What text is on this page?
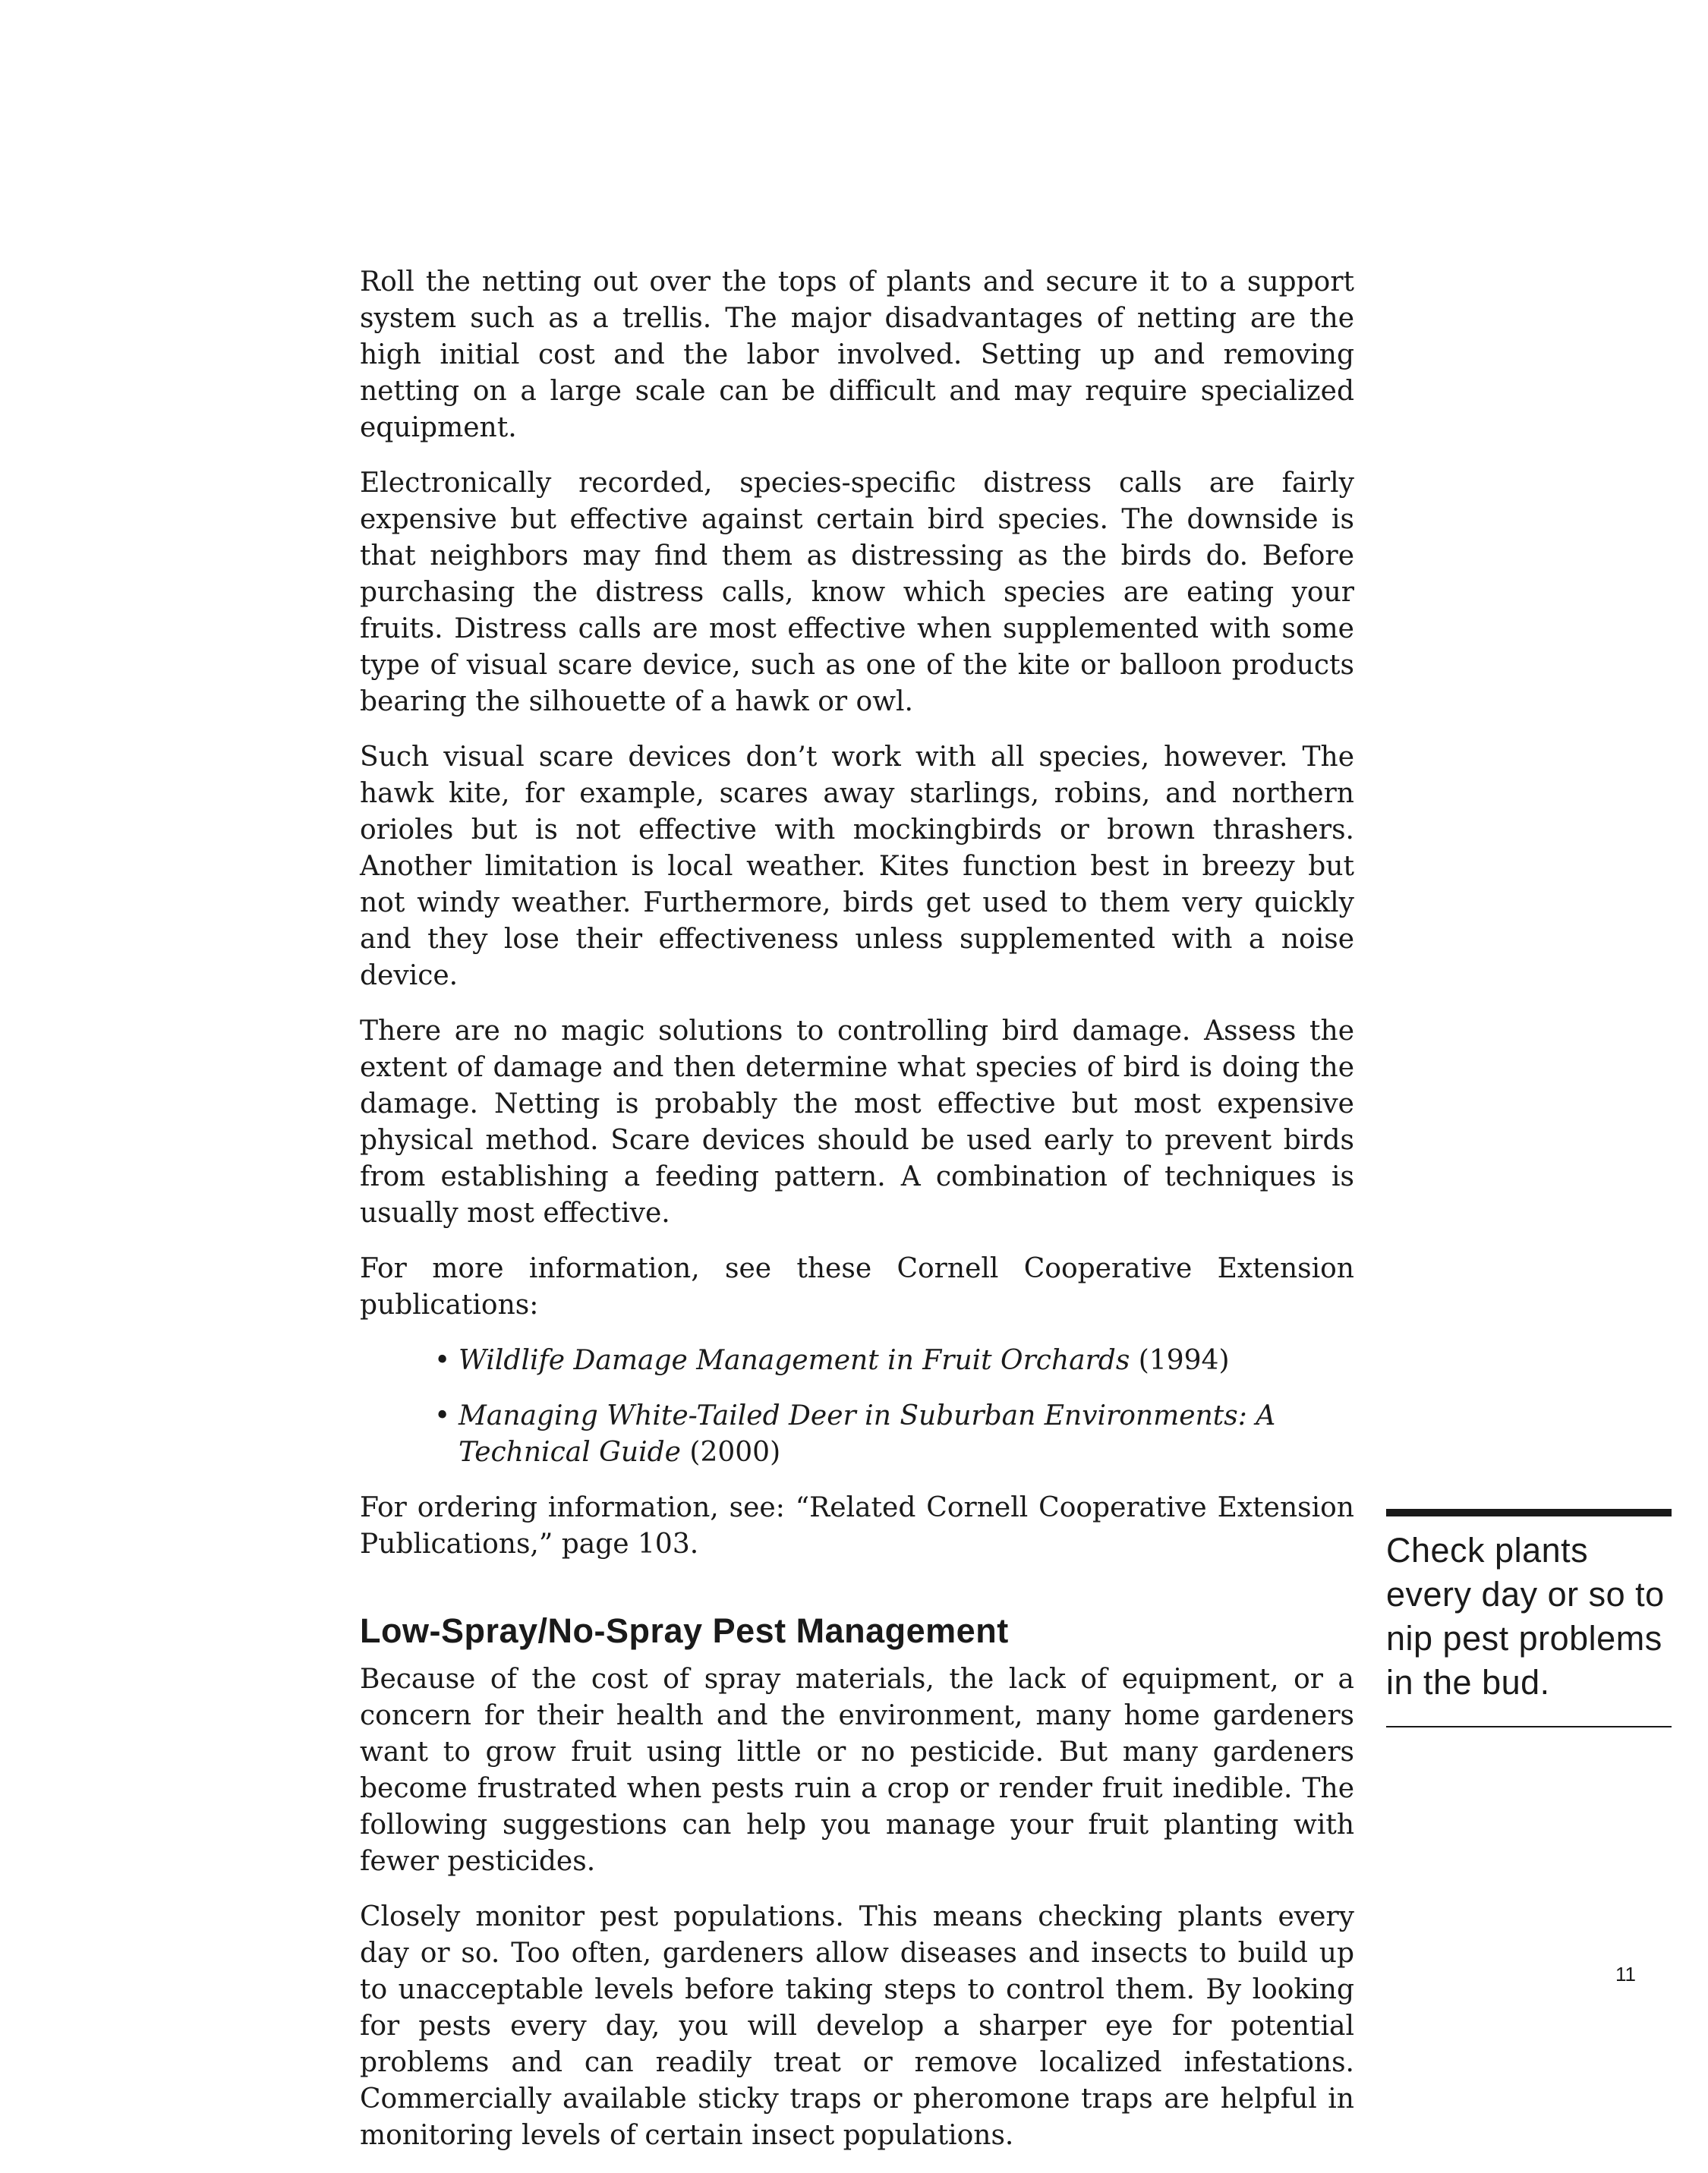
Roll the netting out over the tops of plants and secure it to a support system such as a trellis. The major disadvantages of netting are the high initial cost and the labor involved. Setting up and removing netting on a large scale can be difficult and may require specialized equipment.

Electronically recorded, species-specific distress calls are fairly expensive but effective against certain bird species. The downside is that neighbors may find them as distressing as the birds do. Before purchasing the distress calls, know which species are eating your fruits. Distress calls are most effective when supplemented with some type of visual scare device, such as one of the kite or balloon products bearing the silhouette of a hawk or owl.

Such visual scare devices don’t work with all species, however. The hawk kite, for example, scares away starlings, robins, and northern orioles but is not effective with mockingbirds or brown thrashers. Another limitation is local weather. Kites function best in breezy but not windy weather. Furthermore, birds get used to them very quickly and they lose their effectiveness unless supplemented with a noise device.

There are no magic solutions to controlling bird damage. Assess the extent of damage and then determine what species of bird is doing the damage. Netting is probably the most effective but most expensive physical method. Scare devices should be used early to prevent birds from establishing a feeding pattern. A combination of techniques is usually most effective.

For more information, see these Cornell Cooperative Extension publications:

• Wildlife Damage Management in Fruit Orchards (1994)
• Managing White-Tailed Deer in Suburban Environments: A Technical Guide (2000)

For ordering information, see: “Related Cornell Cooperative Extension Publications,” page 103.

Low-Spray/No-Spray Pest Management

Because of the cost of spray materials, the lack of equipment, or a concern for their health and the environment, many home gardeners want to grow fruit using little or no pesticide. But many gardeners become frustrated when pests ruin a crop or render fruit inedible. The following suggestions can help you manage your fruit planting with fewer pesticides.

Closely monitor pest populations. This means checking plants every day or so. Too often, gardeners allow diseases and insects to build up to unacceptable levels before taking steps to control them. By looking for pests every day, you will develop a sharper eye for potential problems and can readily treat or remove localized infestations. Commercially available sticky traps or pheromone traps are helpful in monitoring levels of certain insect populations.

Check plants every day or so to nip pest problems in the bud.
11
